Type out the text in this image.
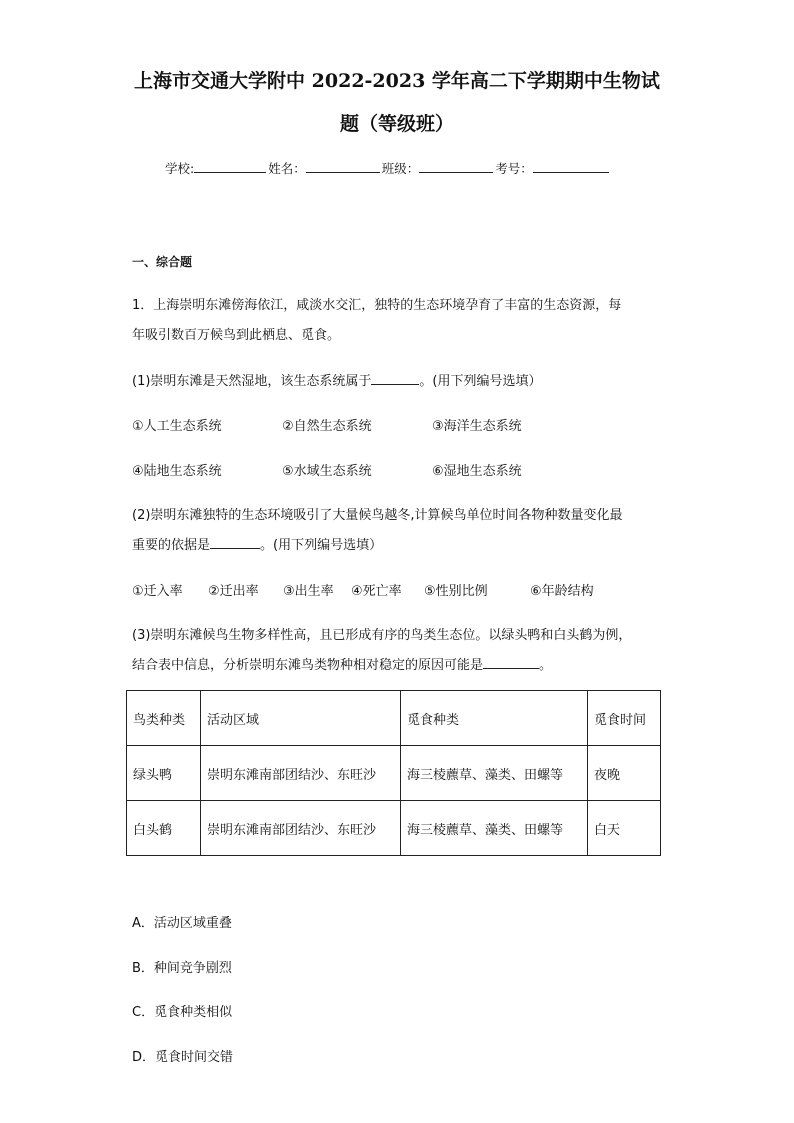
上海市交通大学附中 2022-2023 学年高二下学期期中生物试
题（等级班）
学校:	姓名：	班级：	考号：
一、综合题
1．上海崇明东滩傍海依江，咸淡水交汇，独特的生态环境孕育了丰富的生态资源，每
年吸引数百万候鸟到此栖息、觅食。
(1)崇明东滩是天然湿地，该生态系统属于	。(用下列编号选填）
①人工生态系统	②自然生态系统	③海洋生态系统
④陆地生态系统	⑤水域生态系统	⑥湿地生态系统
(2)崇明东滩独特的生态环境吸引了大量候鸟越冬,计算候鸟单位时间各物种数量变化最
重要的依据是	。(用下列编号选填）
①迁入率 ②迁出率 ③出生率 ④死亡率 ⑤性别比例	⑥年龄结构
(3)崇明东滩候鸟生物多样性高，且已形成有序的鸟类生态位。以绿头鸭和白头鹤为例，
结合表中信息，分析崇明东滩鸟类物种相对稳定的原因可能是	。
鸟类种类	活动区域	觅食种类	觅食时间
绿头鸭	崇明东滩南部团结沙、东旺沙	海三棱藨草、藻类、田螺等	夜晚
白头鹤	崇明东滩南部团结沙、东旺沙	海三棱藨草、藻类、田螺等	白天
A．活动区域重叠
B．种间竞争剧烈
C．觅食种类相似
D．觅食时间交错
